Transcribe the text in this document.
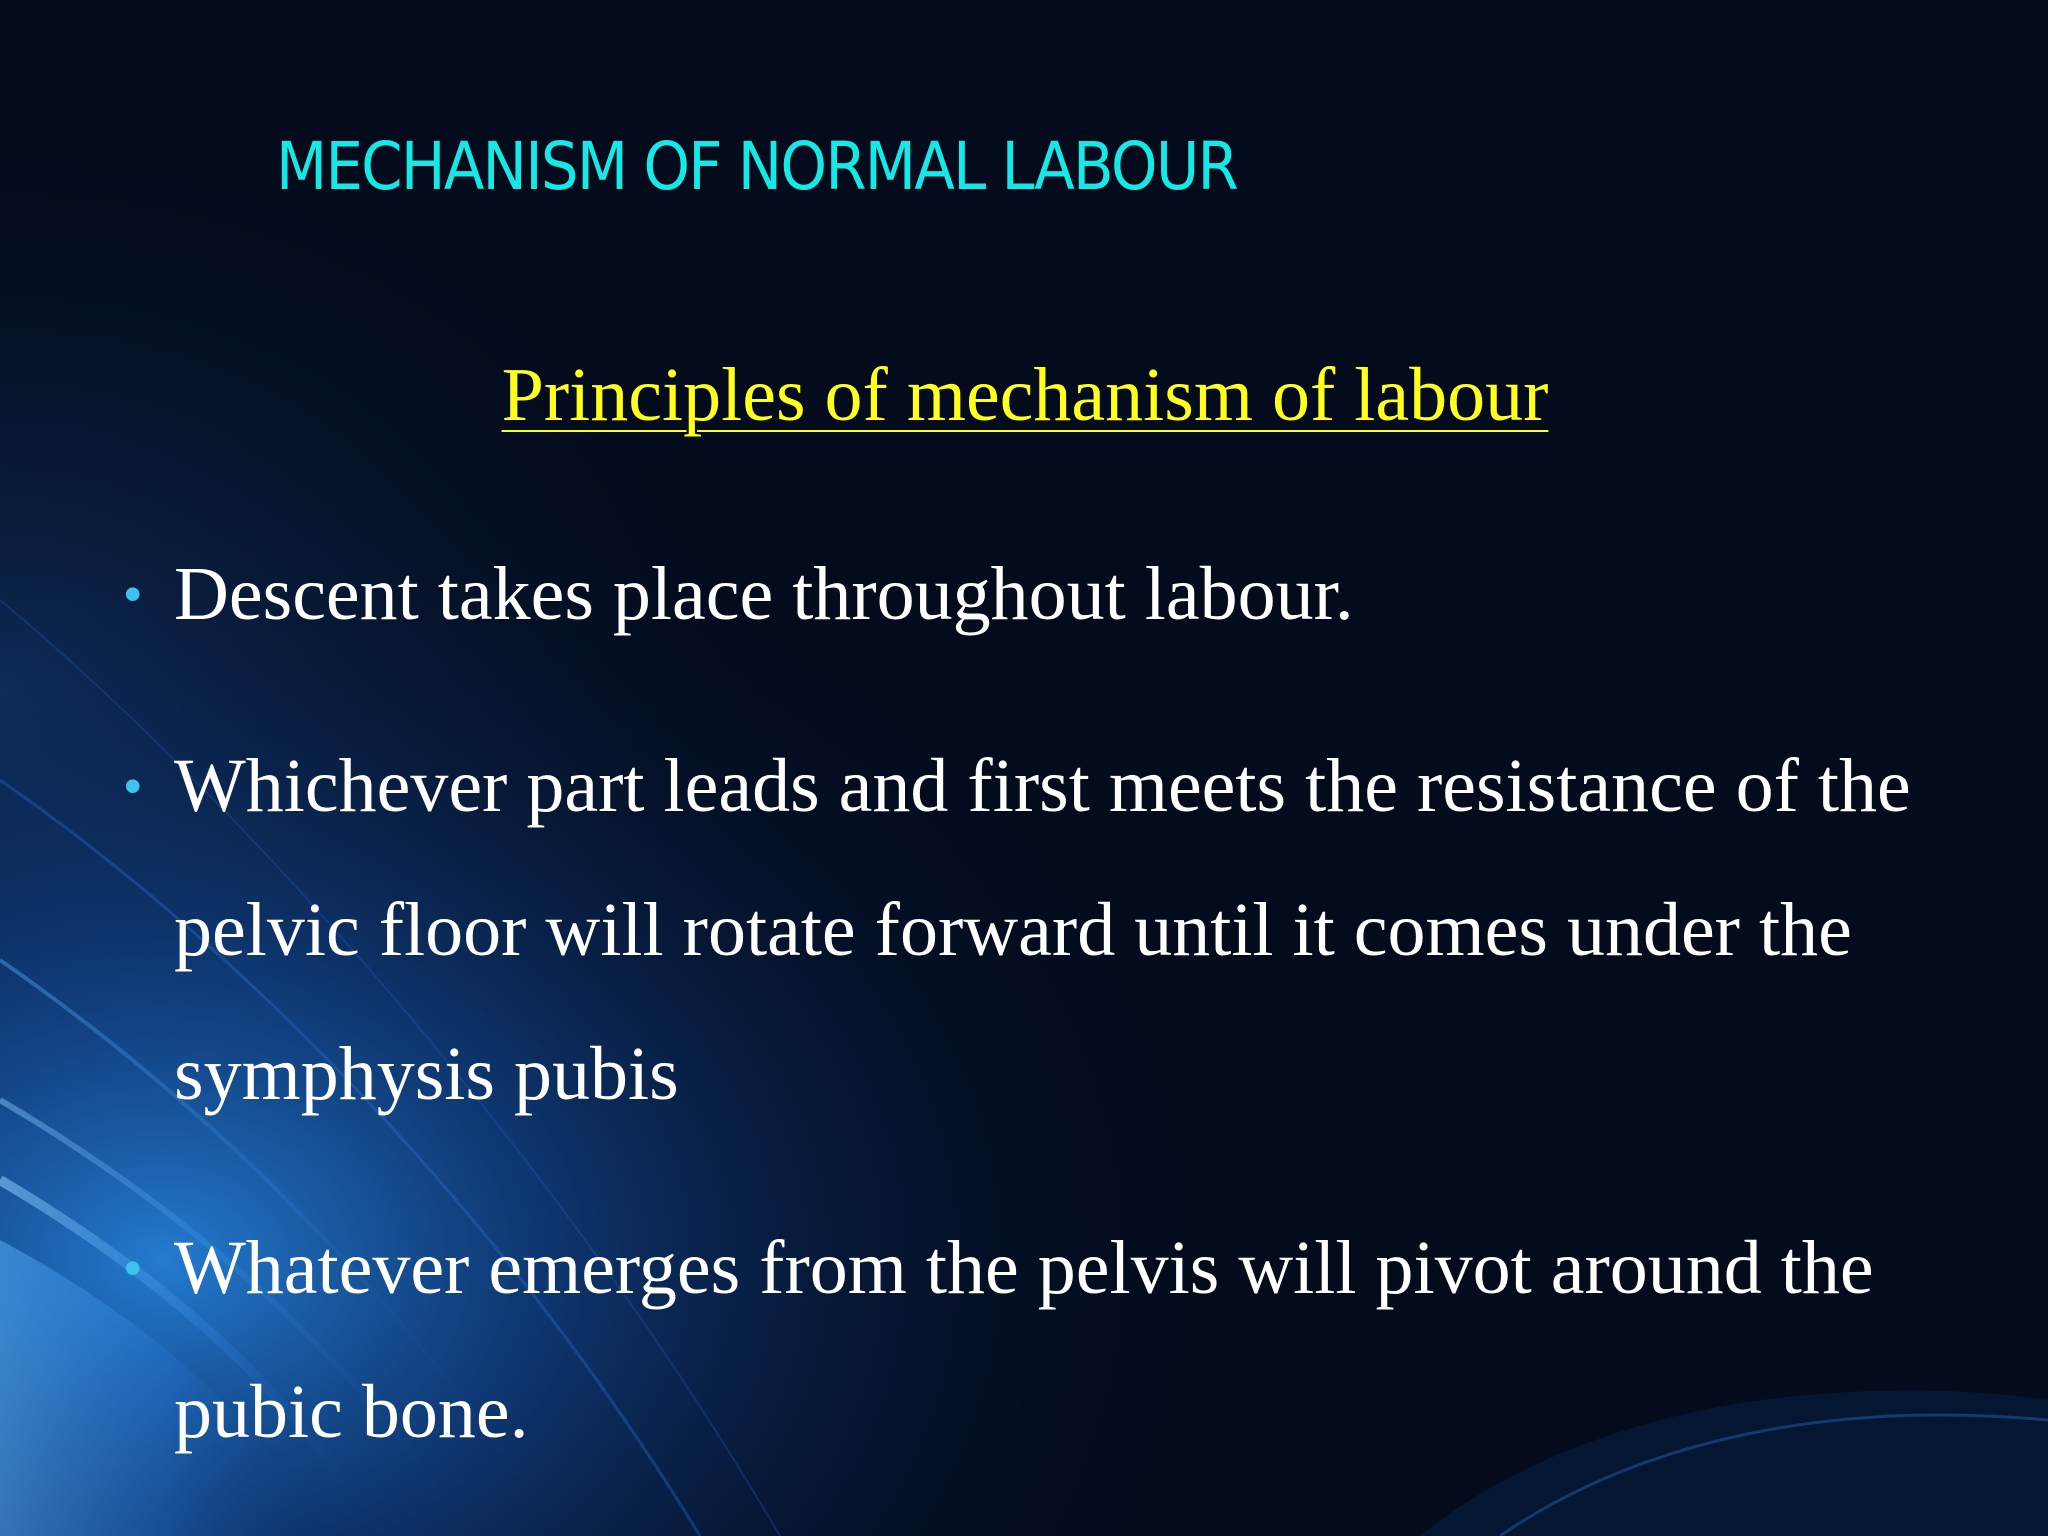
MECHANISM OF NORMAL LABOUR
Principles of mechanism of labour
• Descent takes place throughout labour.
• Whichever part leads and first meets the resistance of the pelvic floor will rotate forward until it comes under the symphysis pubis
• Whatever emerges from the pelvis will pivot around the pubic bone.
